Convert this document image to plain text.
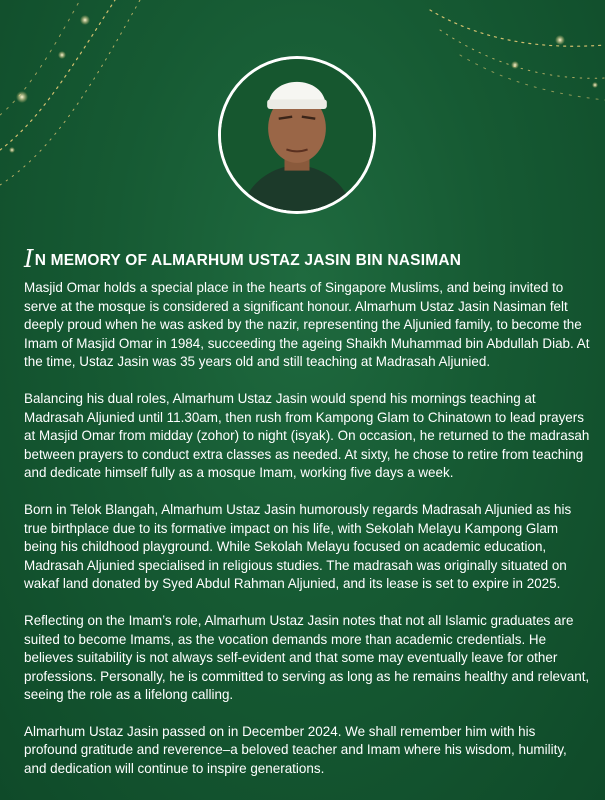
IN MEMORY OF ALMARHUM USTAZ JASIN BIN NASIMAN

Masjid Omar holds a special place in the hearts of Singapore Muslims, and being invited to serve at the mosque is considered a significant honour. Almarhum Ustaz Jasin Nasiman felt deeply proud when he was asked by the nazir, representing the Aljunied family, to become the Imam of Masjid Omar in 1984, succeeding the ageing Shaikh Muhammad bin Abdullah Diab. At the time, Ustaz Jasin was 35 years old and still teaching at Madrasah Aljunied.

Balancing his dual roles, Almarhum Ustaz Jasin would spend his mornings teaching at Madrasah Aljunied until 11.30am, then rush from Kampong Glam to Chinatown to lead prayers at Masjid Omar from midday (zohor) to night (isyak). On occasion, he returned to the madrasah between prayers to conduct extra classes as needed. At sixty, he chose to retire from teaching and dedicate himself fully as a mosque Imam, working five days a week.

Born in Telok Blangah, Almarhum Ustaz Jasin humorously regards Madrasah Aljunied as his true birthplace due to its formative impact on his life, with Sekolah Melayu Kampong Glam being his childhood playground. While Sekolah Melayu focused on academic education, Madrasah Aljunied specialised in religious studies. The madrasah was originally situated on wakaf land donated by Syed Abdul Rahman Aljunied, and its lease is set to expire in 2025.

Reflecting on the Imam’s role, Almarhum Ustaz Jasin notes that not all Islamic graduates are suited to become Imams, as the vocation demands more than academic credentials. He believes suitability is not always self-evident and that some may eventually leave for other professions. Personally, he is committed to serving as long as he remains healthy and relevant, seeing the role as a lifelong calling.

Almarhum Ustaz Jasin passed on in December 2024. We shall remember him with his profound gratitude and reverence–a beloved teacher and Imam where his wisdom, humility, and dedication will continue to inspire generations.
